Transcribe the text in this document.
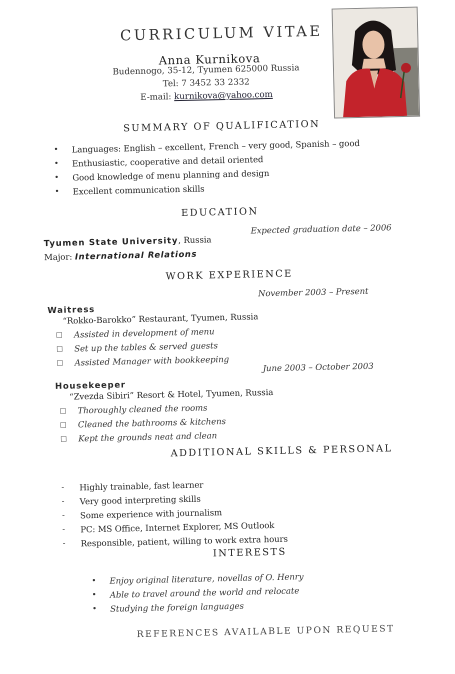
CURRICULUM VITAE
Anna Kurnikova
Budennogo, 35-12, Tyumen 625000 Russia
Tel: 7 3452 33 2332
E-mail: kurnikova@yahoo.com
SUMMARY OF QUALIFICATION
•
Languages: English – excellent, French – very good, Spanish – good
•
Enthusiastic, cooperative and detail oriented
•
Good knowledge of menu planning and design
•
Excellent communication skills
EDUCATION
Tyumen State University, Russia
Expected graduation date – 2006
Major: International Relations
WORK EXPERIENCE
November 2003 – Present
Waitress
“Rokko-Barokko” Restaurant, Tyumen, Russia
□
Assisted in development of menu
□
Set up the tables & served guests
□
Assisted Manager with bookkeeping	June 2003 – October 2003
Housekeeper
“Zvezda Sibiri” Resort & Hotel, Tyumen, Russia
□
Thoroughly cleaned the rooms
□
Cleaned the bathrooms & kitchens
□
Kept the grounds neat and clean
ADDITIONAL SKILLS & PERSONAL
-
Highly trainable, fast learner
-
Very good interpreting skills
-
Some experience with journalism
-
PC: MS Office, Internet Explorer, MS Outlook
-
Responsible, patient, willing to work extra hours
INTERESTS
•
Enjoy original literature, novellas of O. Henry
•
Able to travel around the world and relocate
•
Studying the foreign languages
REFERENCES AVAILABLE UPON REQUEST
